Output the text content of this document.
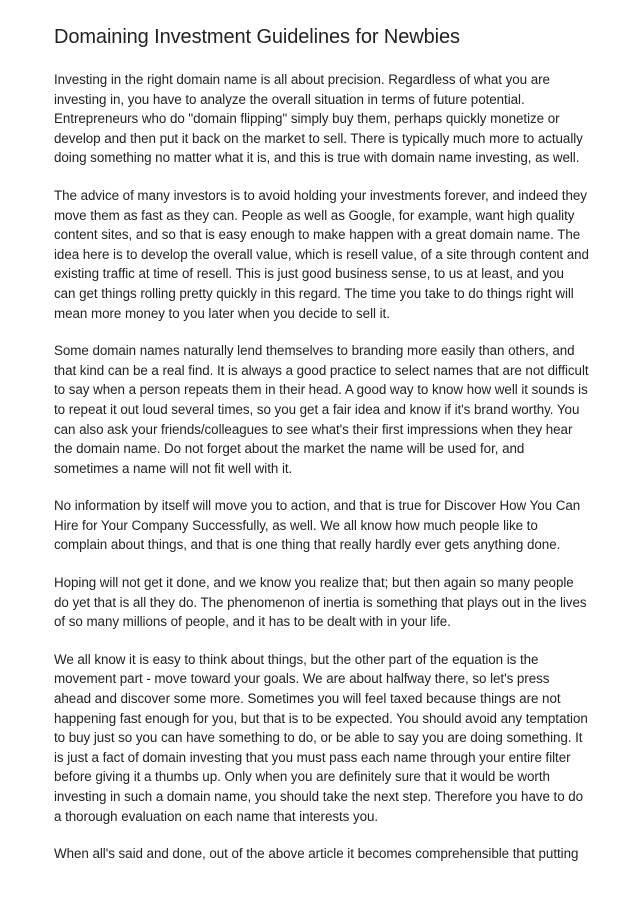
Domaining Investment Guidelines for Newbies

Investing in the right domain name is all about precision. Regardless of what you are investing in, you have to analyze the overall situation in terms of future potential. Entrepreneurs who do "domain flipping" simply buy them, perhaps quickly monetize or develop and then put it back on the market to sell. There is typically much more to actually doing something no matter what it is, and this is true with domain name investing, as well.

The advice of many investors is to avoid holding your investments forever, and indeed they move them as fast as they can. People as well as Google, for example, want high quality content sites, and so that is easy enough to make happen with a great domain name. The idea here is to develop the overall value, which is resell value, of a site through content and existing traffic at time of resell. This is just good business sense, to us at least, and you can get things rolling pretty quickly in this regard. The time you take to do things right will mean more money to you later when you decide to sell it.

Some domain names naturally lend themselves to branding more easily than others, and that kind can be a real find. It is always a good practice to select names that are not difficult to say when a person repeats them in their head. A good way to know how well it sounds is to repeat it out loud several times, so you get a fair idea and know if it's brand worthy. You can also ask your friends/colleagues to see what's their first impressions when they hear the domain name. Do not forget about the market the name will be used for, and sometimes a name will not fit well with it.

No information by itself will move you to action, and that is true for Discover How You Can Hire for Your Company Successfully, as well. We all know how much people like to complain about things, and that is one thing that really hardly ever gets anything done.

Hoping will not get it done, and we know you realize that; but then again so many people do yet that is all they do. The phenomenon of inertia is something that plays out in the lives of so many millions of people, and it has to be dealt with in your life.

We all know it is easy to think about things, but the other part of the equation is the movement part - move toward your goals. We are about halfway there, so let's press ahead and discover some more. Sometimes you will feel taxed because things are not happening fast enough for you, but that is to be expected. You should avoid any temptation to buy just so you can have something to do, or be able to say you are doing something. It is just a fact of domain investing that you must pass each name through your entire filter before giving it a thumbs up. Only when you are definitely sure that it would be worth investing in such a domain name, you should take the next step. Therefore you have to do a thorough evaluation on each name that interests you.

When all's said and done, out of the above article it becomes comprehensible that putting
